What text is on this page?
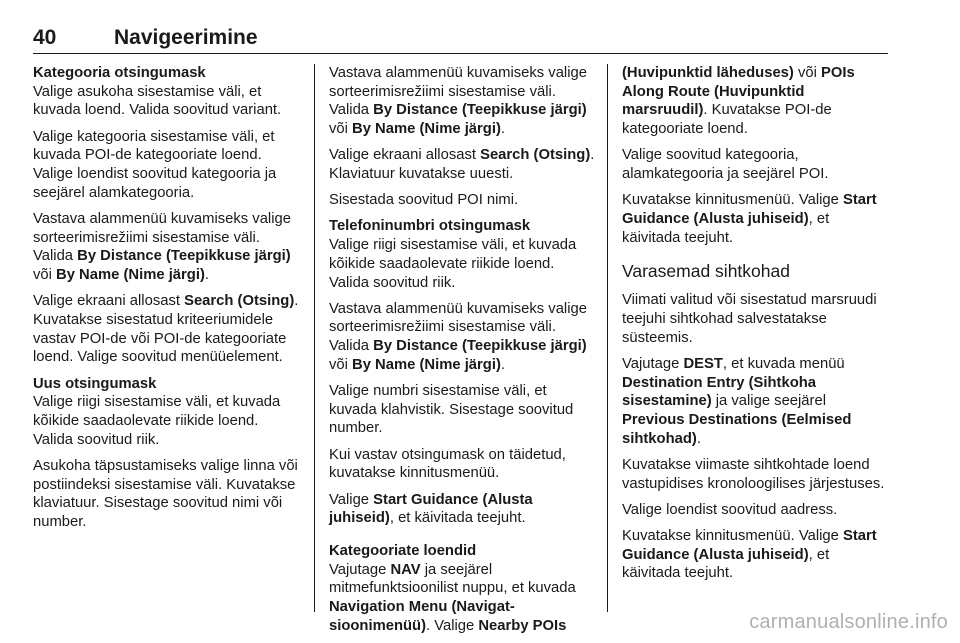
40	Navigeerimine

Kategooria otsingumask

Valige asukoha sisestamise väli, et kuvada loend. Valida soovitud variant.

Valige kategooria sisestamise väli, et kuvada POI-de kategooriate loend. Valige loendist soovitud kategooria ja seejärel alamkategooria.

Vastava alammenüü kuvamiseks valige sorteerimisrežiimi sisestamise väli. Valida By Distance (Teepikkuse järgi) või By Name (Nime järgi).

Valige ekraani allosast Search (Otsing). Kuvatakse sisestatud kriteeriumidele vastav POI-de või POI-de kategooriate loend. Valige soovitud menüüelement.

Uus otsingumask

Valige riigi sisestamise väli, et kuvada kõikide saadaolevate riikide loend. Valida soovitud riik.

Asukoha täpsustamiseks valige linna või postiindeksi sisestamise väli. Kuvatakse klaviatuur. Sisestage soovitud nimi või number.

Vastava alammenüü kuvamiseks valige sorteerimisrežiimi sisestamise väli. Valida By Distance (Teepikkuse järgi) või By Name (Nime järgi).

Valige ekraani allosast Search (Otsing). Klaviatuur kuvatakse uuesti.

Sisestada soovitud POI nimi.

Telefoninumbri otsingumask

Valige riigi sisestamise väli, et kuvada kõikide saadaolevate riikide loend. Valida soovitud riik.

Vastava alammenüü kuvamiseks valige sorteerimisrežiimi sisestamise väli. Valida By Distance (Teepikkuse järgi) või By Name (Nime järgi).

Valige numbri sisestamise väli, et kuvada klahvistik. Sisestage soovitud number.

Kui vastav otsingumask on täidetud, kuvatakse kinnitusmenüü.

Valige Start Guidance (Alusta juhiseid), et käivitada teejuht.

Kategooriate loendid

Vajutage NAV ja seejärel mitmefunktsioonilist nuppu, et kuvada Navigation Menu (Navigat-sioonimenüü). Valige Nearby POIs

(Huvipunktid läheduses) või POIs Along Route (Huvipunktid marsruudil). Kuvatakse POI-de kategooriate loend.

Valige soovitud kategooria, alamkategooria ja seejärel POI.

Kuvatakse kinnitusmenüü. Valige Start Guidance (Alusta juhiseid), et käivitada teejuht.

Varasemad sihtkohad

Viimati valitud või sisestatud marsruudi teejuhi sihtkohad salvestatakse süsteemis.

Vajutage DEST, et kuvada menüü Destination Entry (Sihtkoha sisestamine) ja valige seejärel Previous Destinations (Eelmised sihtkohad).

Kuvatakse viimaste sihtkohtade loend vastupidises kronoloogilises järjestuses.

Valige loendist soovitud aadress.

Kuvatakse kinnitusmenüü. Valige Start Guidance (Alusta juhiseid), et käivitada teejuht.

carmanualsonline.info
